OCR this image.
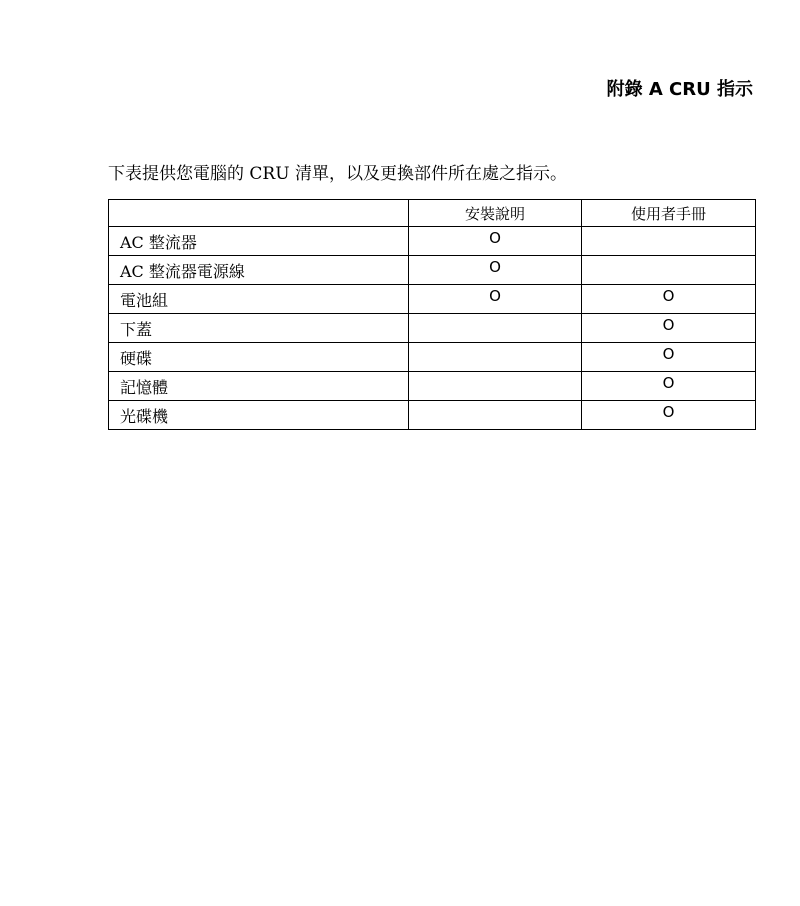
附錄 A CRU 指示
下表提供您電腦的 CRU 清單，以及更換部件所在處之指示。
	安裝說明	使用者手冊
AC 整流器	O	
AC 整流器電源線	O	
電池組	O	O
下蓋		O
硬碟		O
記憶體		O
光碟機		O
